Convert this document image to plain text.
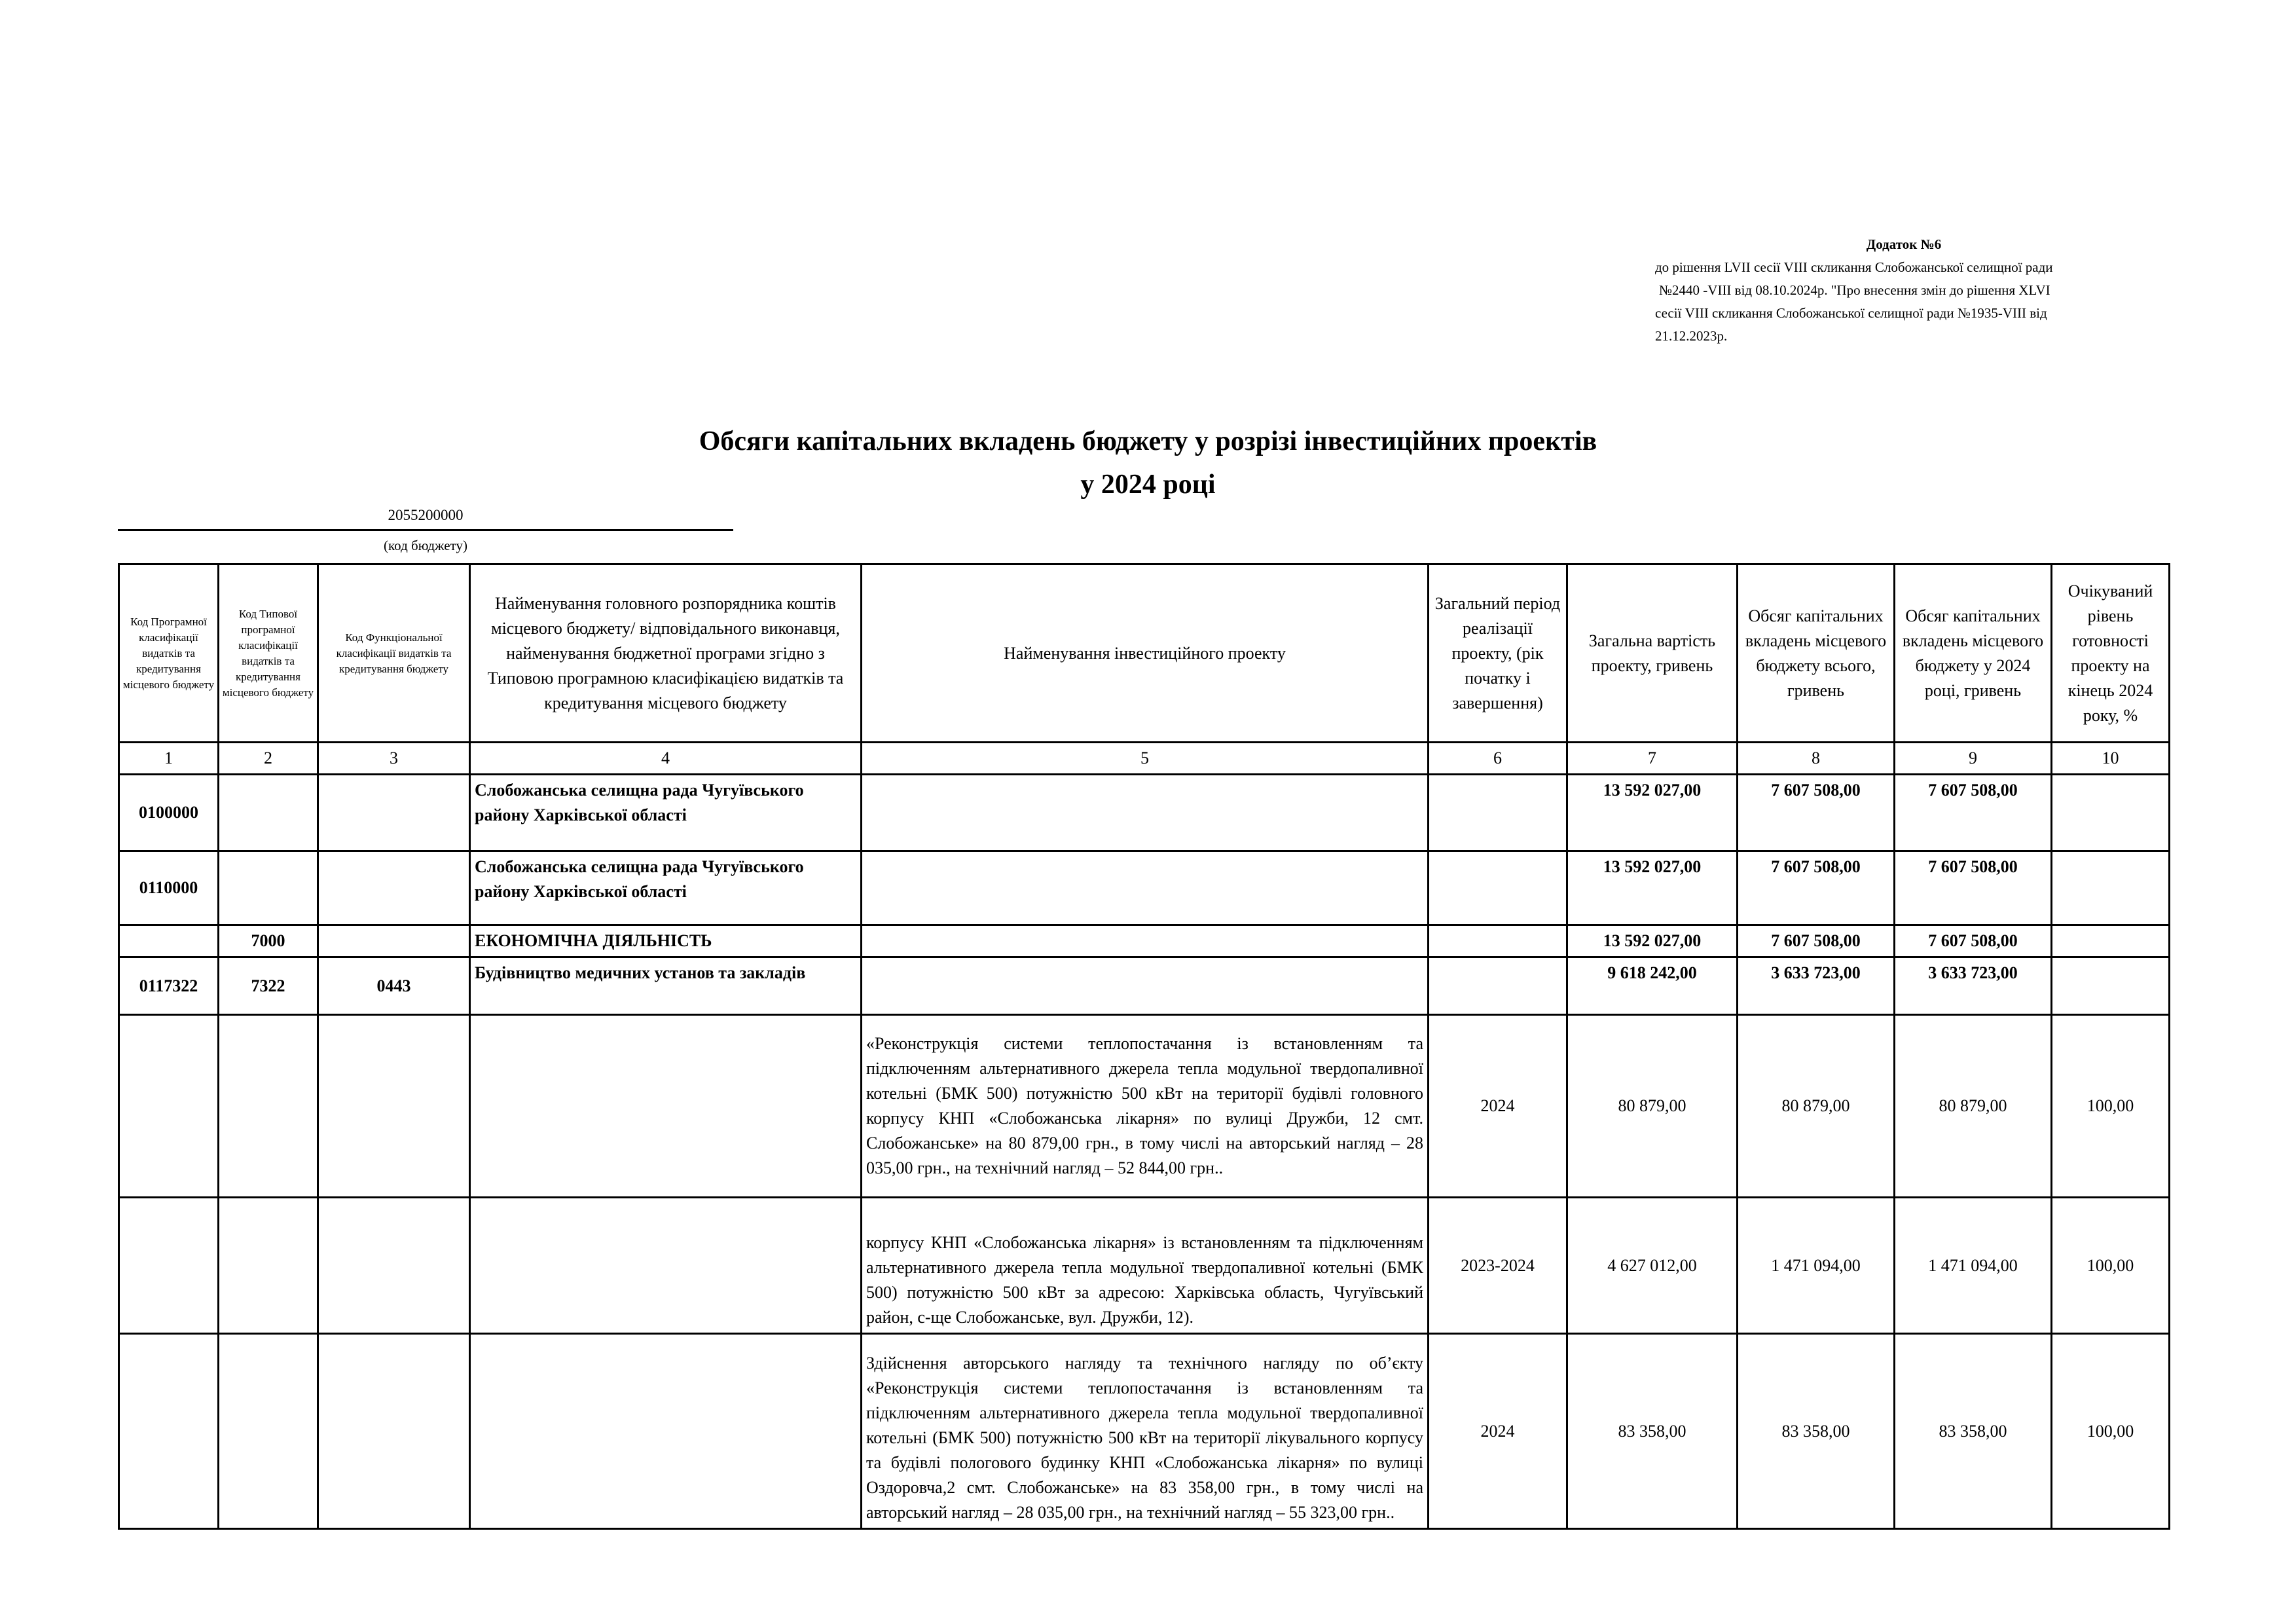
Додаток №6
до рішення LVII сесії VIII скликання Слобожанської селищної ради
№2440 -VIII від 08.10.2024р. "Про внесення змін до рішення XLVI
сесії VIII скликання Слобожанської селищної ради №1935-VIII від
21.12.2023р.
Обсяги капітальних вкладень бюджету у розрізі інвестиційних проектів
у 2024 році
2055200000
(код бюджету)
Код Програмної класифікації видатків та кредитування місцевого бюджету	Код Типової програмної класифікації видатків та кредитування місцевого бюджету	Код Функціональної класифікації видатків та кредитування бюджету	Найменування головного розпорядника коштів місцевого бюджету/ відповідального виконавця, найменування бюджетної програми згідно з Типовою програмною класифікацією видатків та кредитування місцевого бюджету	Найменування інвестиційного проекту	Загальний період реалізації проекту, (рік початку і завершення)	Загальна вартість проекту, гривень	Обсяг капітальних вкладень місцевого бюджету всього, гривень	Обсяг капітальних вкладень місцевого бюджету у 2024 році, гривень	Очікуваний рівень готовності проекту на кінець 2024 року, %
1	2	3	4	5	6	7	8	9	10
0100000			Слобожанська селищна рада Чугуївського району Харківської області			13 592 027,00	7 607 508,00	7 607 508,00	
0110000			Слобожанська селищна рада Чугуївського району Харківської області			13 592 027,00	7 607 508,00	7 607 508,00	
	7000		ЕКОНОМІЧНА ДІЯЛЬНІСТЬ			13 592 027,00	7 607 508,00	7 607 508,00	
0117322	7322	0443	Будівництво медичних установ та закладів			9 618 242,00	3 633 723,00	3 633 723,00	
				«Реконструкція системи теплопостачання із встановленням та підключенням альтернативного джерела тепла модульної твердопаливної котельні (БМК 500) потужністю 500 кВт на території будівлі головного корпусу КНП «Слобожанська лікарня» по вулиці Дружби, 12 смт. Слобожанське» на 80 879,00 грн., в тому числі на авторський нагляд – 28 035,00 грн., на технічний нагляд – 52 844,00 грн..	2024	80 879,00	80 879,00	80 879,00	100,00
				корпусу КНП «Слобожанська лікарня» із встановленням та підключенням альтернативного джерела тепла модульної твердопаливної котельні (БМК 500) потужністю 500 кВт за адресою: Харківська область, Чугуївський район, с-ще Слобожанське, вул. Дружби, 12).	2023-2024	4 627 012,00	1 471 094,00	1 471 094,00	100,00
				Здійснення авторського нагляду та технічного нагляду по об’єкту «Реконструкція системи теплопостачання із встановленням та підключенням альтернативного джерела тепла модульної твердопаливної котельні (БМК 500) потужністю 500 кВт на території лікувального корпусу та будівлі пологового будинку КНП «Слобожанська лікарня» по вулиці Оздоровча,2 смт. Слобожанське» на 83 358,00 грн., в тому числі на авторський нагляд – 28 035,00 грн., на технічний нагляд – 55 323,00 грн..	2024	83 358,00	83 358,00	83 358,00	100,00
